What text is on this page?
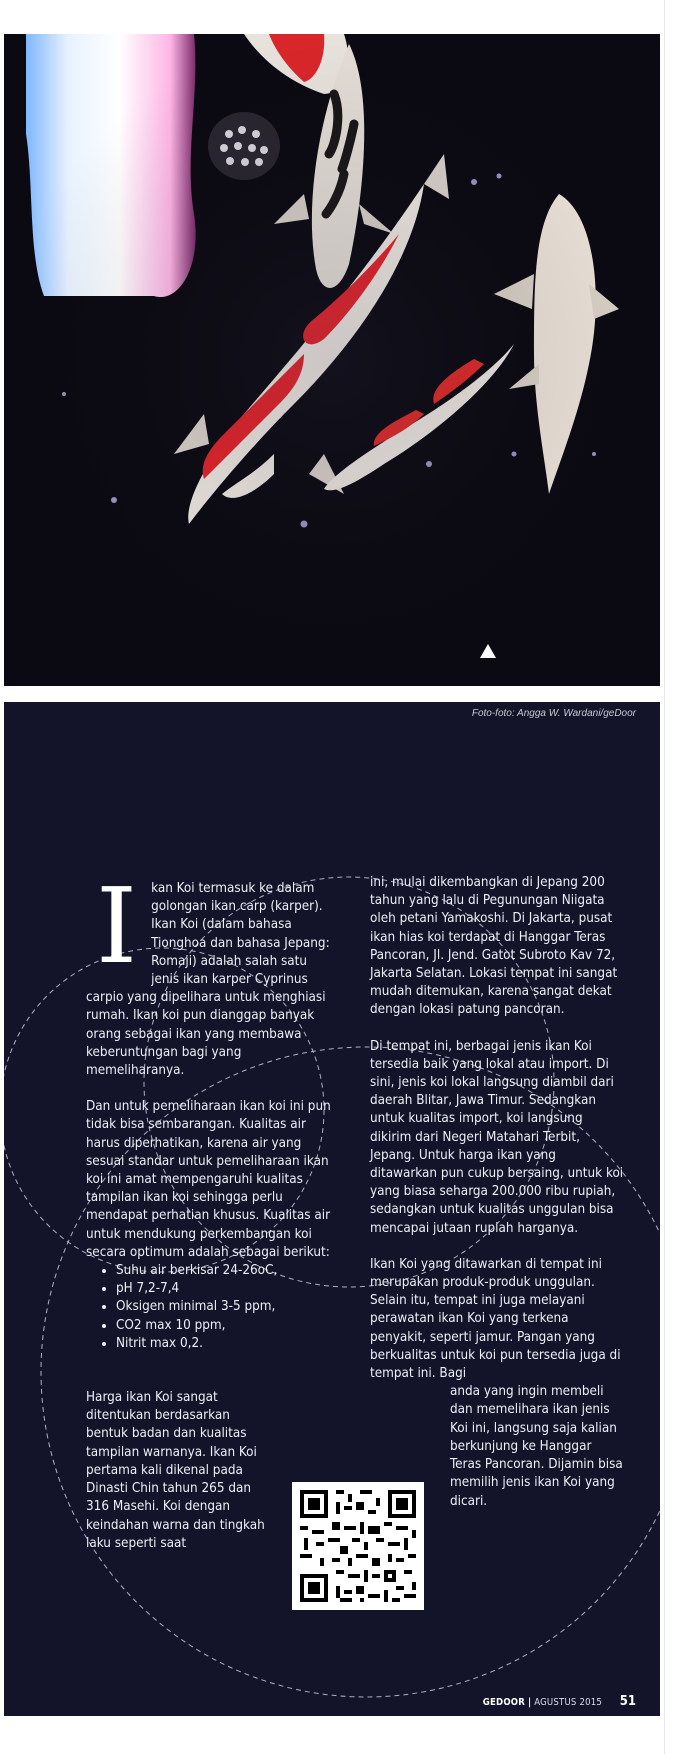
Foto-foto: Angga W. Wardani/geDoor

I kan Koi termasuk ke dalam golongan ikan carp (karper). Ikan Koi (dalam bahasa Tionghoa dan bahasa Jepang: Romaji) adalah salah satu jenis ikan karper Cyprinus carpio yang dipelihara untuk menghiasi rumah. Ikan koi pun dianggap banyak orang sebagai ikan yang membawa keberuntungan bagi yang memeliharanya.

Dan untuk pemeliharaan ikan koi ini pun tidak bisa sembarangan. Kualitas air harus diperhatikan, karena air yang sesuai standar untuk pemeliharaan ikan koi ini amat mempengaruhi kualitas tampilan ikan koi sehingga perlu mendapat perhatian khusus. Kualitas air untuk mendukung perkembangan koi secara optimum adalah sebagai berikut:

• Suhu air berkisar 24-26oC,
• pH 7,2-7,4
• Oksigen minimal 3-5 ppm,
• CO2 max 10 ppm,
• Nitrit max 0,2.

Harga ikan Koi sangat ditentukan berdasarkan bentuk badan dan kualitas tampilan warnanya. Ikan Koi pertama kali dikenal pada Dinasti Chin tahun 265 dan 316 Masehi. Koi dengan keindahan warna dan tingkah laku seperti saat

ini, mulai dikembangkan di Jepang 200 tahun yang lalu di Pegunungan Niigata oleh petani Yamakoshi. Di Jakarta, pusat ikan hias koi terdapat di Hanggar Teras Pancoran, Jl. Jend. Gatot Subroto Kav 72, Jakarta Selatan. Lokasi tempat ini sangat mudah ditemukan, karena sangat dekat dengan lokasi patung pancoran.

Di tempat ini, berbagai jenis ikan Koi tersedia baik yang lokal atau import. Di sini, jenis koi lokal langsung diambil dari daerah Blitar, Jawa Timur. Sedangkan untuk kualitas import, koi langsung dikirim dari Negeri Matahari Terbit, Jepang. Untuk harga ikan yang ditawarkan pun cukup bersaing, untuk koi yang biasa seharga 200.000 ribu rupiah, sedangkan untuk kualitas unggulan bisa mencapai jutaan rupiah harganya.

Ikan Koi yang ditawarkan di tempat ini merupakan produk-produk unggulan. Selain itu, tempat ini juga melayani perawatan ikan Koi yang terkena penyakit, seperti jamur. Pangan yang berkualitas untuk koi pun tersedia juga di tempat ini. Bagi

anda yang ingin membeli dan memelihara ikan jenis Koi ini, langsung saja kalian berkunjung ke Hanggar Teras Pancoran. Dijamin bisa memilih jenis ikan Koi yang dicari.

GEDOOR | AGUSTUS 2015 51
